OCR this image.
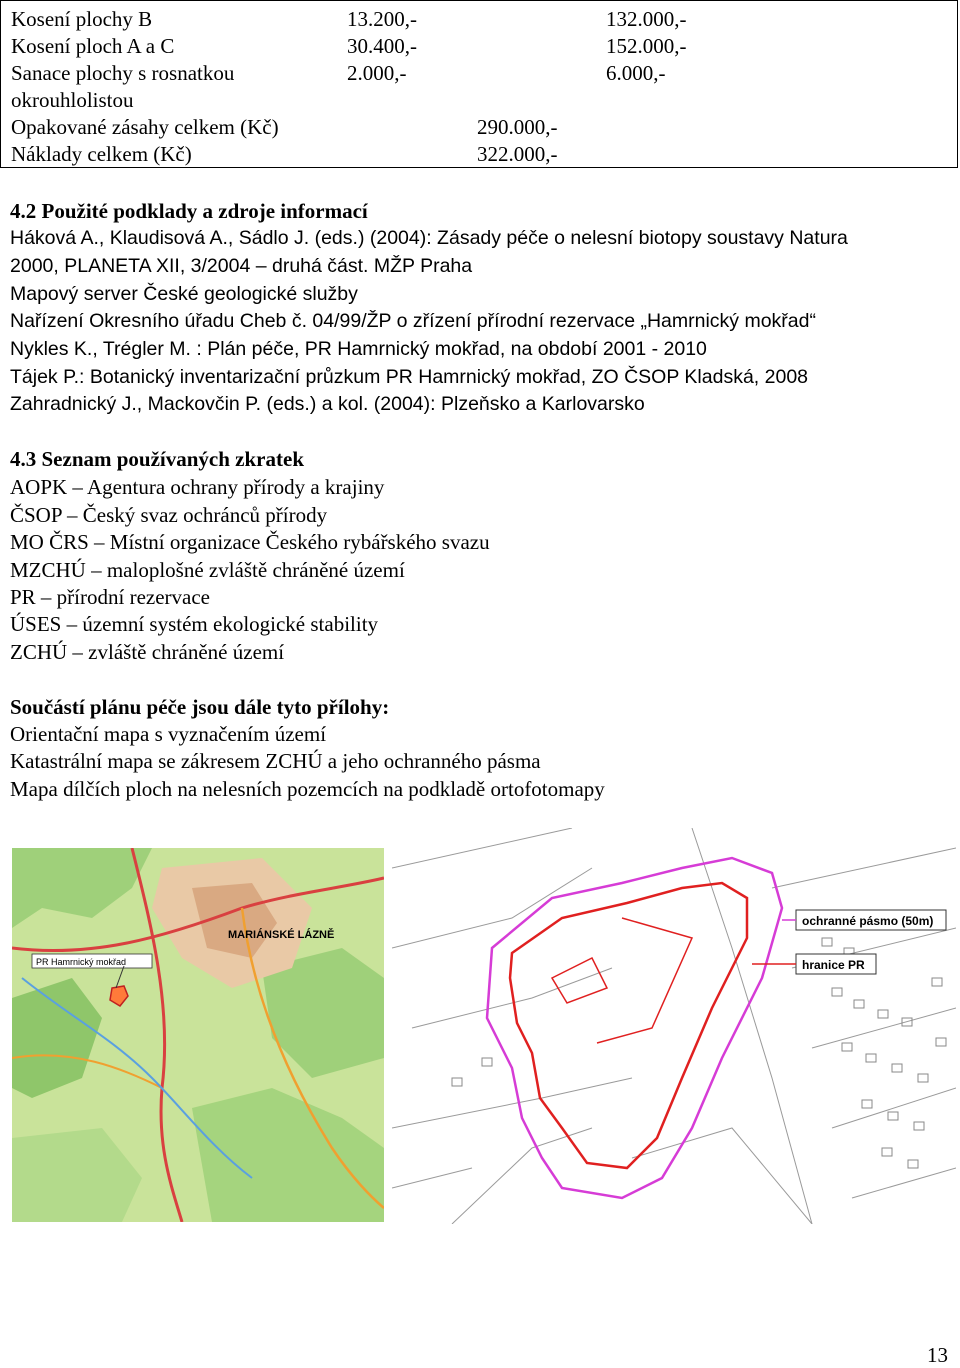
Kosení plochy B	13.200,-	132.000,-
Kosení ploch A a C	30.400,-	152.000,-
Sanace plochy s rosnatkou	2.000,-	6.000,-
okrouhlolistou
Opakované zásahy celkem (Kč)	290.000,-
Náklady celkem (Kč)	322.000,-
4.2 Použité podklady a zdroje informací
Háková A., Klaudisová A., Sádlo J. (eds.) (2004): Zásady péče o nelesní biotopy soustavy Natura
2000, PLANETA XII, 3/2004 – druhá část. MŽP Praha
Mapový server České geologické služby
Nařízení Okresního úřadu Cheb č. 04/99/ŽP o zřízení přírodní rezervace „Hamrnický mokřad“
Nykles K., Trégler M. : Plán péče, PR Hamrnický mokřad, na období 2001 - 2010
Tájek P.: Botanický inventarizační průzkum PR Hamrnický mokřad, ZO ČSOP Kladská, 2008
Zahradnický J., Mackovčin P. (eds.) a kol. (2004): Plzeňsko a Karlovarsko
4.3 Seznam používaných zkratek
AOPK – Agentura ochrany přírody a krajiny
ČSOP – Český svaz ochránců přírody
MO ČRS – Místní organizace Českého rybářského svazu
MZCHÚ – maloplošné zvláště chráněné území
PR – přírodní rezervace
ÚSES – územní systém ekologické stability
ZCHÚ – zvláště chráněné území
Součástí plánu péče jsou dále tyto přílohy:
Orientační mapa s vyznačením území
Katastrální mapa se zákresem ZCHÚ a jeho ochranného pásma
Mapa dílčích ploch na nelesních pozemcích na podkladě ortofotomapy
PR Hamrnický mokřad
MARIÁNSKÉ LÁZNĚ
ochranné pásmo (50m)
hranice PR
13
